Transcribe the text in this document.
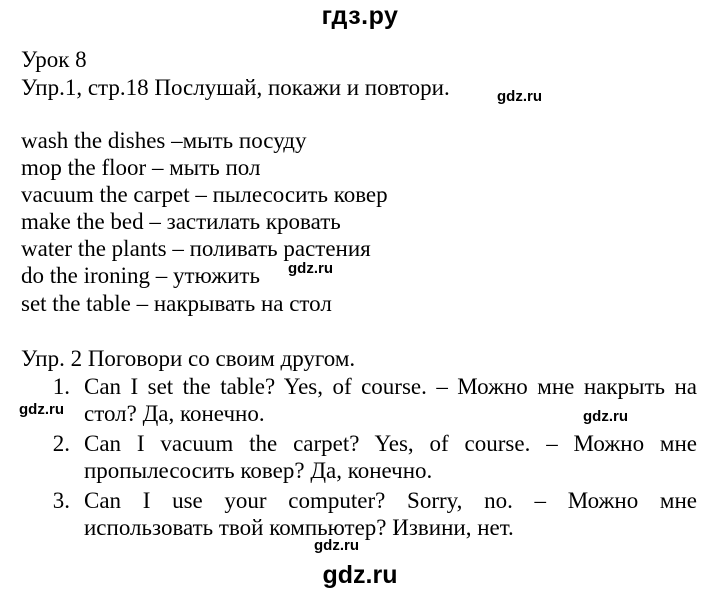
гдз.ру
Урок 8
Упр.1, стр.18 Послушай, покажи и повтори.	gdz.ru
wash the dishes –мыть посуду
mop the floor – мыть пол
vacuum the carpet – пылесосить ковер
make the bed – застилать кровать
water the plants – поливать растения
do the ironing – утюжить gdz.ru
set the table – накрывать на стол
Упр. 2 Поговори со своим другом.
1. Can I set the table? Yes, of course. – Можно мне накрыть на
gdz.ru стол? Да, конечно.	gdz.ru
2. Can I vacuum the carpet? Yes, of course. – Можно мне
пропылесосить ковер? Да, конечно.
3. Can I use your computer? Sorry, no. – Можно мне
использовать твой компьютер? Извини, нет.
gdz.ru
gdz.ru
